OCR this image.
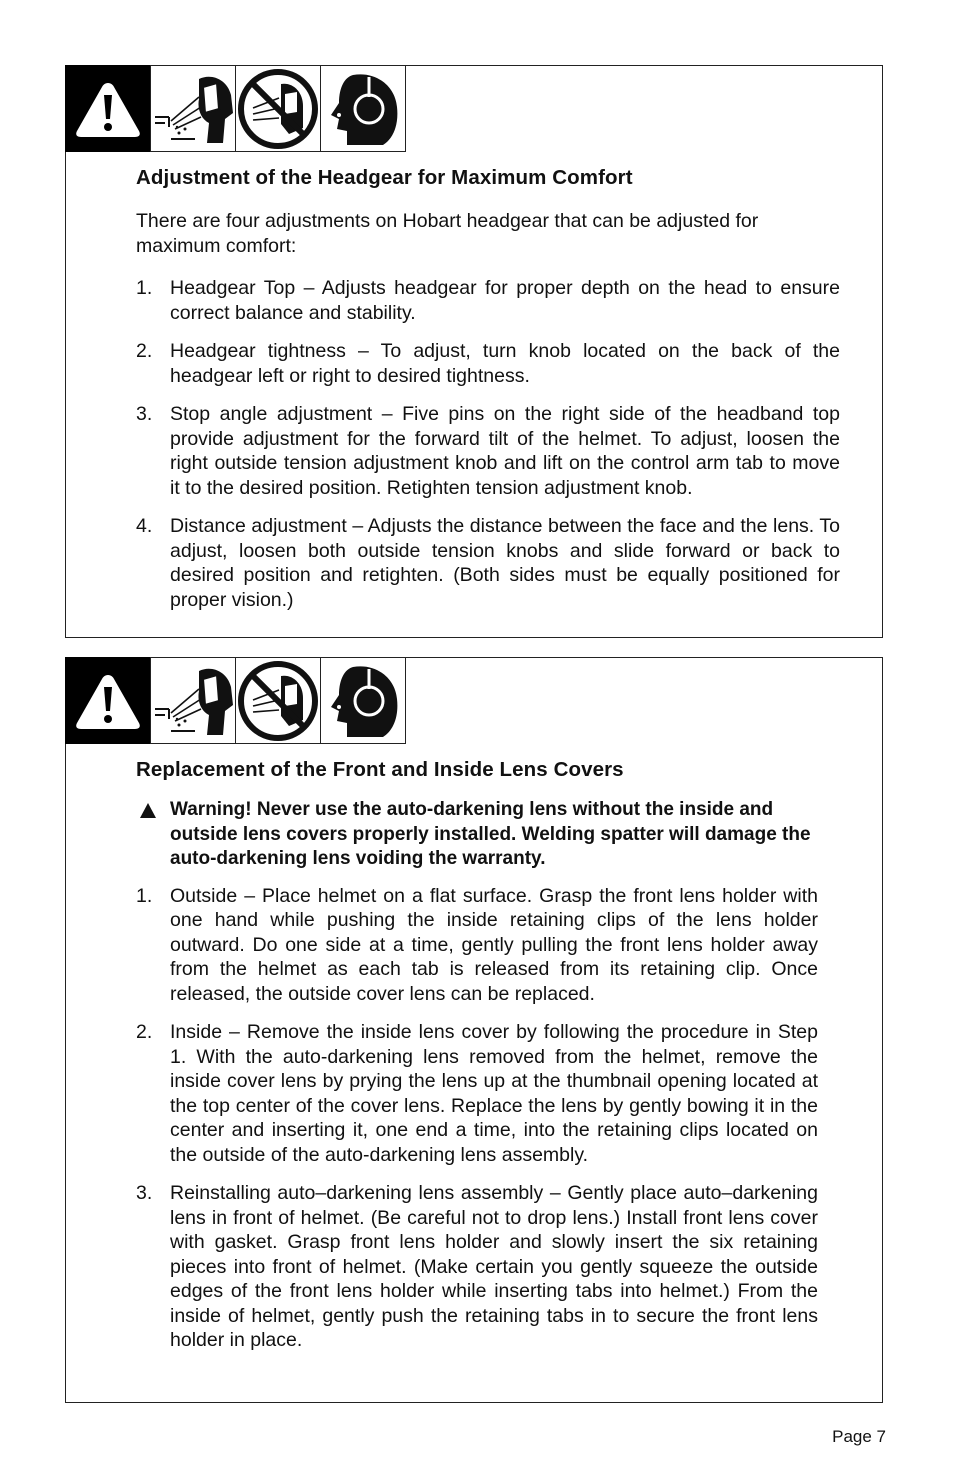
Adjustment of the Headgear for Maximum Comfort

There are four adjustments on Hobart headgear that can be adjusted for maximum comfort:

1. Headgear Top – Adjusts headgear for proper depth on the head to ensure correct balance and stability.
2. Headgear tightness – To adjust, turn knob located on the back of the headgear left or right to desired tightness.
3. Stop angle adjustment – Five pins on the right side of the headband top provide adjustment for the forward tilt of the helmet. To adjust, loosen the right outside tension adjustment knob and lift on the control arm tab to move it to the desired position. Retighten tension adjustment knob.
4. Distance adjustment – Adjusts the distance between the face and the lens. To adjust, loosen both outside tension knobs and slide forward or back to desired position and retighten. (Both sides must be equally positioned for proper vision.)
Replacement of the Front and Inside Lens Covers
Warning! Never use the auto-darkening lens without the inside and outside lens covers properly installed. Welding spatter will damage the auto-darkening lens voiding the warranty.
1. Outside – Place helmet on a flat surface. Grasp the front lens holder with one hand while pushing the inside retaining clips of the lens holder outward. Do one side at a time, gently pulling the front lens holder away from the helmet as each tab is released from its retaining clip. Once released, the outside cover lens can be replaced.
2. Inside – Remove the inside lens cover by following the procedure in Step 1. With the auto-darkening lens removed from the helmet, remove the inside cover lens by prying the lens up at the thumbnail opening located at the top center of the cover lens. Replace the lens by gently bowing it in the center and inserting it, one end a time, into the retaining clips located on the outside of the auto-darkening lens assembly.
3. Reinstalling auto–darkening lens assembly – Gently place auto–darkening lens in front of helmet. (Be careful not to drop lens.) Install front lens cover with gasket. Grasp front lens holder and slowly insert the six retaining pieces into front of helmet. (Make certain you gently squeeze the outside edges of the front lens holder while inserting tabs into helmet.) From the inside of helmet, gently push the retaining tabs in to secure the front lens holder in place.
Page 7
